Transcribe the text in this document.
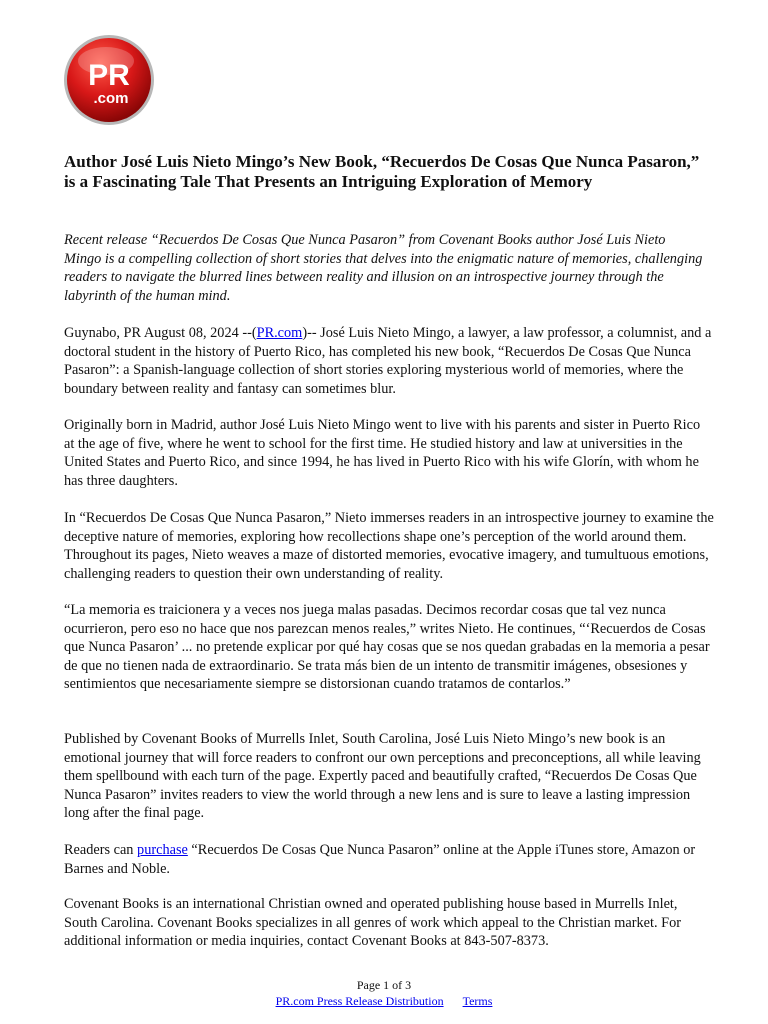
PR
.com
Author José Luis Nieto Mingo’s New Book, “Recuerdos De Cosas Que Nunca Pasaron,” is a Fascinating Tale That Presents an Intriguing Exploration of Memory

Recent release “Recuerdos De Cosas Que Nunca Pasaron” from Covenant Books author José Luis Nieto Mingo is a compelling collection of short stories that delves into the enigmatic nature of memories, challenging readers to navigate the blurred lines between reality and illusion on an introspective journey through the labyrinth of the human mind.

Guynabo, PR August 08, 2024 --(PR.com)-- José Luis Nieto Mingo, a lawyer, a law professor, a columnist, and a doctoral student in the history of Puerto Rico, has completed his new book, “Recuerdos De Cosas Que Nunca Pasaron”: a Spanish-language collection of short stories exploring mysterious world of memories, where the boundary between reality and fantasy can sometimes blur.

Originally born in Madrid, author José Luis Nieto Mingo went to live with his parents and sister in Puerto Rico at the age of five, where he went to school for the first time. He studied history and law at universities in the United States and Puerto Rico, and since 1994, he has lived in Puerto Rico with his wife Glorín, with whom he has three daughters.

In “Recuerdos De Cosas Que Nunca Pasaron,” Nieto immerses readers in an introspective journey to examine the deceptive nature of memories, exploring how recollections shape one’s perception of the world around them. Throughout its pages, Nieto weaves a maze of distorted memories, evocative imagery, and tumultuous emotions, challenging readers to question their own understanding of reality.

“La memoria es traicionera y a veces nos juega malas pasadas. Decimos recordar cosas que tal vez nunca ocurrieron, pero eso no hace que nos parezcan menos reales,” writes Nieto. He continues, “‘Recuerdos de Cosas que Nunca Pasaron’ ... no pretende explicar por qué hay cosas que se nos quedan grabadas en la memoria a pesar de que no tienen nada de extraordinario. Se trata más bien de un intento de transmitir imágenes, obsesiones y sentimientos que necesariamente siempre se distorsionan cuando tratamos de contarlos.”

Published by Covenant Books of Murrells Inlet, South Carolina, José Luis Nieto Mingo’s new book is an emotional journey that will force readers to confront our own perceptions and preconceptions, all while leaving them spellbound with each turn of the page. Expertly paced and beautifully crafted, “Recuerdos De Cosas Que Nunca Pasaron” invites readers to view the world through a new lens and is sure to leave a lasting impression long after the final page.

Readers can purchase “Recuerdos De Cosas Que Nunca Pasaron” online at the Apple iTunes store, Amazon or Barnes and Noble.

Covenant Books is an international Christian owned and operated publishing house based in Murrells Inlet, South Carolina. Covenant Books specializes in all genres of work which appeal to the Christian market. For additional information or media inquiries, contact Covenant Books at 843-507-8373.

Page 1 of 3
PR.com Press Release Distribution Terms
